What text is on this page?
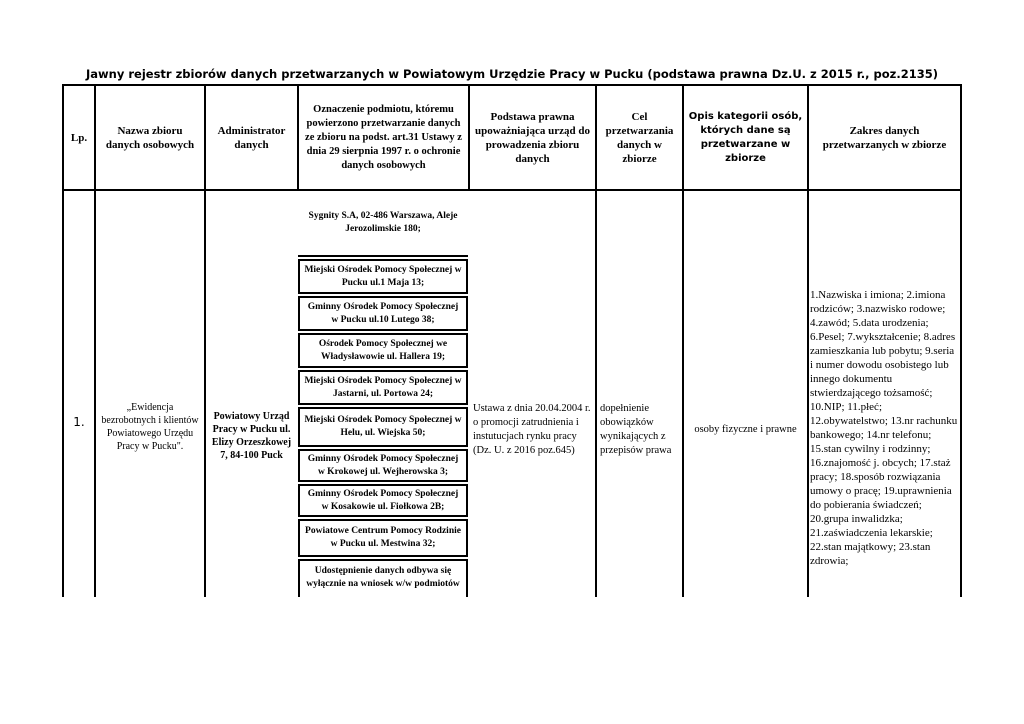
Jawny rejestr zbiorów danych przetwarzanych w Powiatowym Urzędzie Pracy w Pucku (podstawa prawna Dz.U. z 2015 r., poz.2135)
Lp.
Nazwa zbioru danych osobowych
Administrator danych
Oznaczenie podmiotu, któremu powierzono przetwarzanie danych ze zbioru na podst. art.31 Ustawy z dnia 29 sierpnia 1997 r. o ochronie danych osobowych
Podstawa prawna upoważniająca urząd do prowadzenia zbioru danych
Cel przetwarzania danych w zbiorze
Opis kategorii osób, których dane są przetwarzane w zbiorze
Zakres danych przetwarzanych w zbiorze
1.
„Ewidencja bezrobotnych i klientów Powiatowego Urzędu Pracy w Pucku".
Powiatowy Urząd Pracy w Pucku ul. Elizy Orzeszkowej 7, 84-100 Puck
Sygnity S.A, 02-486 Warszawa, Aleje Jerozolimskie 180;
Miejski Ośrodek Pomocy Społecznej w Pucku ul.1 Maja 13;
Gminny Ośrodek Pomocy Społecznej w Pucku ul.10 Lutego 38;
Ośrodek Pomocy Społecznej we Władysławowie ul. Hallera 19;
Miejski Ośrodek Pomocy Społecznej w Jastarni, ul. Portowa 24;
Miejski Ośrodek Pomocy Społecznej w Helu, ul. Wiejska 50;
Gminny Ośrodek Pomocy Społecznej w Krokowej ul. Wejherowska 3;
Gminny Ośrodek Pomocy Społecznej w Kosakowie ul. Fiołkowa 2B;
Powiatowe Centrum Pomocy Rodzinie w Pucku ul. Mestwina 32;
Udostępnienie danych odbywa się wyłącznie na wniosek w/w podmiotów
Ustawa z dnia 20.04.2004 r. o promocji zatrudnienia i instutucjach rynku pracy (Dz. U. z 2016 poz.645)
dopełnienie obowiązków wynikających z przepisów prawa
osoby fizyczne i prawne
1.Nazwiska i imiona; 2.imiona
rodziców; 3.nazwisko rodowe;
4.zawód; 5.data urodzenia;
6.Pesel; 7.wykształcenie; 8.adres
zamieszkania lub pobytu; 9.seria
i numer dowodu osobistego lub
innego dokumentu
stwierdzającego tożsamość;
10.NIP; 11.płeć;
12.obywatelstwo; 13.nr rachunku
bankowego; 14.nr telefonu;
15.stan cywilny i rodzinny;
16.znajomość j. obcych; 17.staż
pracy; 18.sposób rozwiązania
umowy o pracę; 19.uprawnienia
do pobierania świadczeń;
20.grupa inwalidzka;
21.zaświadczenia lekarskie;
22.stan majątkowy; 23.stan
zdrowia;
